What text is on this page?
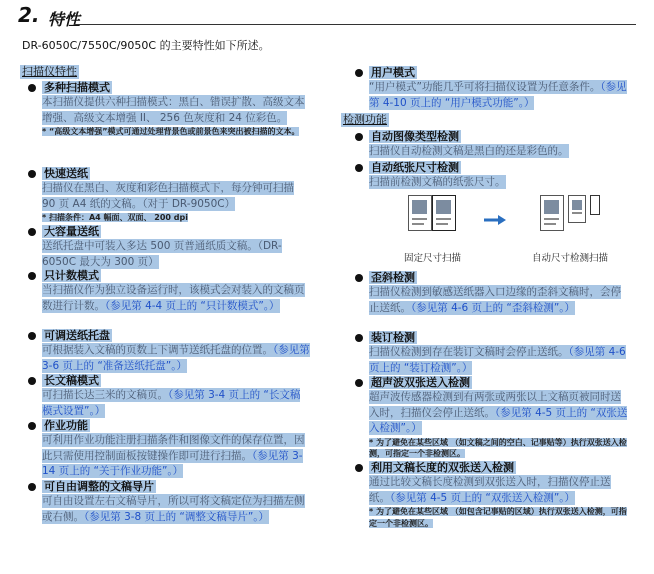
2. 特性
DR-6050C/7550C/9050C 的主要特性如下所述。
扫描仪特性
多种扫描模式
本扫描仪提供六种扫描模式：黑白、错误扩散、高级文本增强、高级文本增强 II、 256 色灰度和 24 位彩色。
* “高级文本增强”模式可通过处理背景色或前景色来突出被扫描的文本。
快速送纸
扫描仪在黑白、灰度和彩色扫描模式下，每分钟可扫描 90 页 A4 纸的文稿。（对于 DR-9050C）
* 扫描条件：A4 幅面、双面、 200 dpi
大容量送纸
送纸托盘中可装入多达 500 页普通纸质文稿。（DR-6050C 最大为 300 页）
只计数模式
当扫描仪作为独立设备运行时，该模式会对装入的文稿页数进行计数。（参见第 4-4 页上的 “只计数模式”。）
可调送纸托盘
可根据装入文稿的页数上下调节送纸托盘的位置。（参见第 3-6 页上的 “准备送纸托盘”。）
长文稿模式
可扫描长达三米的文稿页。（参见第 3-4 页上的 “长文稿模式设置”。）
作业功能
可利用作业功能注册扫描条件和图像文件的保存位置，因此只需使用控制面板按键操作即可进行扫描。（参见第 3-14 页上的 “关于作业功能”。）
可自由调整的文稿导片
可自由设置左右文稿导片，所以可将文稿定位为扫描左侧或右侧。（参见第 3-8 页上的 “调整文稿导片”。）
用户模式
“用户模式”功能几乎可将扫描仪设置为任意条件。（参见第 4-10 页上的 “用户模式功能”。）
检测功能
自动图像类型检测
扫描仪自动检测文稿是黑白的还是彩色的。
自动纸张尺寸检测
扫描前检测文稿的纸张尺寸。
固定尺寸扫描	自动尺寸检测扫描
歪斜检测
扫描仪检测到敏感送纸器入口边缘的歪斜文稿时，会停止送纸。（参见第 4-6 页上的 “歪斜检测”。）
装订检测
扫描仪检测到存在装订文稿时会停止送纸。（参见第 4-6 页上的 “装订检测”。）
超声波双张送入检测
超声波传感器检测到有两张或两张以上文稿页被同时送入时，扫描仪会停止送纸。（参见第 4-5 页上的 “双张送入检测”。）
* 为了避免在某些区域 （如文稿之间的空白、记事贴等）执行双张送入检测，可指定一个非检测区。
利用文稿长度的双张送入检测
通过比较文稿长度检测到双张送入时，扫描仪停止送纸。（参见第 4-5 页上的 “双张送入检测”。）
* 为了避免在某些区域 （如包含记事贴的区域）执行双张送入检测，可指定一个非检测区。
